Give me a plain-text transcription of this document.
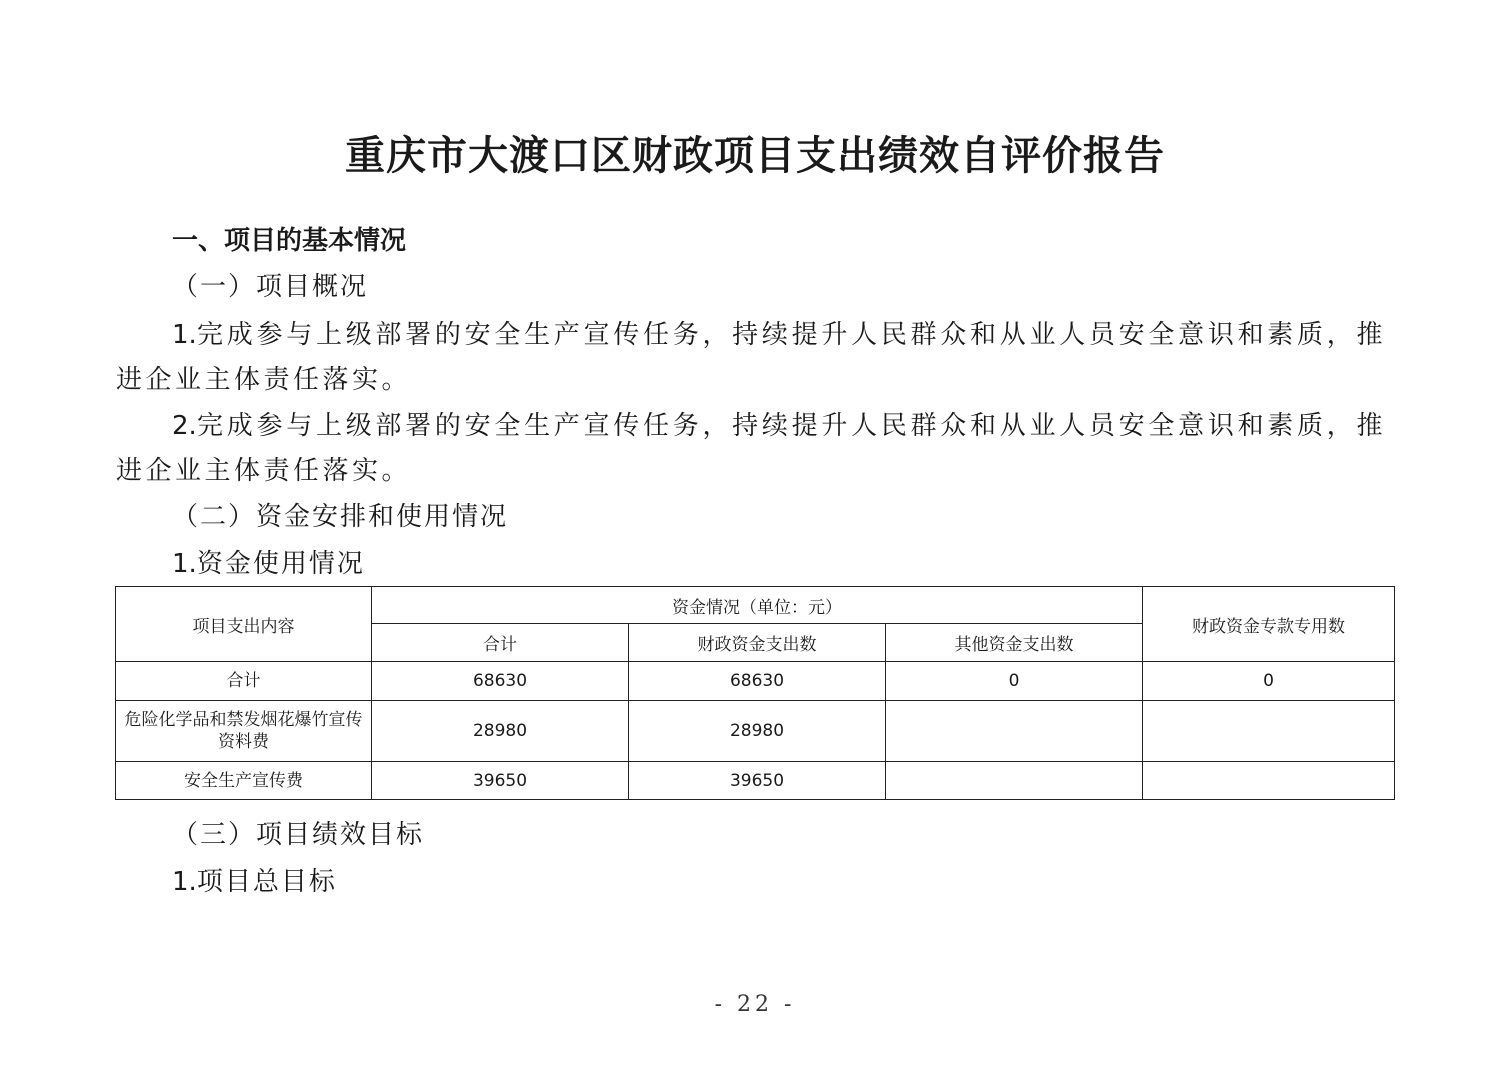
重庆市大渡口区财政项目支出绩效自评价报告
一、项目的基本情况
（一）项目概况
1.完成参与上级部署的安全生产宣传任务，持续提升人民群众和从业人员安全意识和素质，推进企业主体责任落实。
2.完成参与上级部署的安全生产宣传任务，持续提升人民群众和从业人员安全意识和素质，推进企业主体责任落实。
（二）资金安排和使用情况
1.资金使用情况
项目支出内容	资金情况（单位：元）			财政资金专款专用数
	合计	财政资金支出数	其他资金支出数	
合计	68630	68630	0	0
危险化学品和禁发烟花爆竹宣传资料费	28980	28980		
安全生产宣传费	39650	39650		
（三）项目绩效目标
1.项目总目标
- 22 -
